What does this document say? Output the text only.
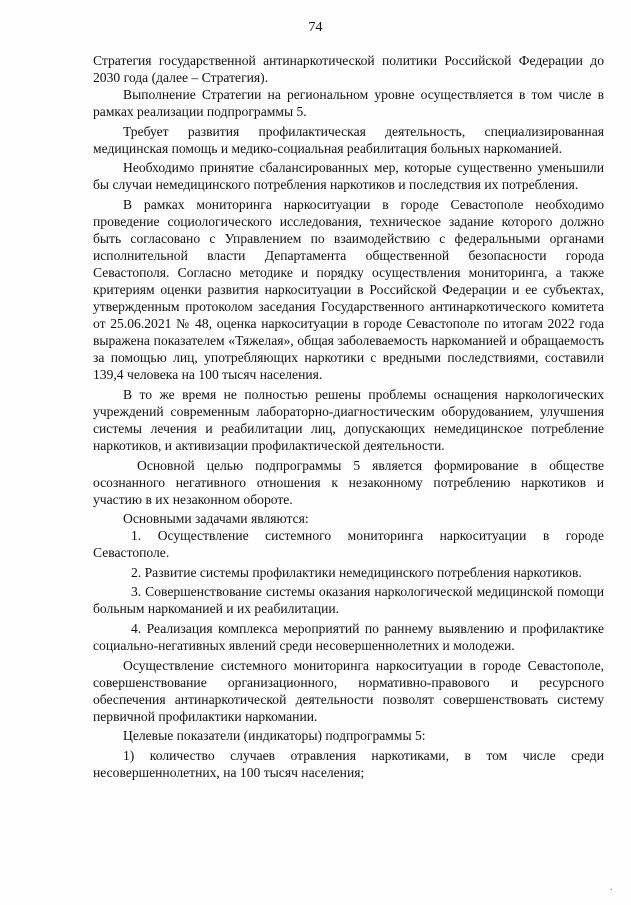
74

Стратегия государственной антинаркотической политики Российской Федерации до 2030 года (далее – Стратегия).

Выполнение Стратегии на региональном уровне осуществляется в том числе в рамках реализации подпрограммы 5.

Требует развития профилактическая деятельность, специализированная медицинская помощь и медико-социальная реабилитация больных наркоманией.

Необходимо принятие сбалансированных мер, которые существенно уменьшили бы случаи немедицинского потребления наркотиков и последствия их потребления.

В рамках мониторинга наркоситуации в городе Севастополе необходимо проведение социологического исследования, техническое задание которого должно быть согласовано с Управлением по взаимодействию с федеральными органами исполнительной власти Департамента общественной безопасности города Севастополя. Согласно методике и порядку осуществления мониторинга, а также критериям оценки развития наркоситуации в Российской Федерации и ее субъектах, утвержденным протоколом заседания Государственного антинаркотического комитета от 25.06.2021 № 48, оценка наркоситуации в городе Севастополе по итогам 2022 года выражена показателем «Тяжелая», общая заболеваемость наркоманией и обращаемость за помощью лиц, употребляющих наркотики с вредными последствиями, составили 139,4 человека на 100 тысяч населения.

В то же время не полностью решены проблемы оснащения наркологических учреждений современным лабораторно-диагностическим оборудованием, улучшения системы лечения и реабилитации лиц, допускающих немедицинское потребление наркотиков, и активизации профилактической деятельности.

Основной целью подпрограммы 5 является формирование в обществе осознанного негативного отношения к незаконному потреблению наркотиков и участию в их незаконном обороте.

Основными задачами являются:

1. Осуществление системного мониторинга наркоситуации в городе Севастополе.

2. Развитие системы профилактики немедицинского потребления наркотиков.

3. Совершенствование системы оказания наркологической медицинской помощи больным наркоманией и их реабилитации.

4. Реализация комплекса мероприятий по раннему выявлению и профилактике социально-негативных явлений среди несовершеннолетних и молодежи.

Осуществление системного мониторинга наркоситуации в городе Севастополе, совершенствование организационного, нормативно-правового и ресурсного обеспечения антинаркотической деятельности позволят совершенствовать систему первичной профилактики наркомании.

Целевые показатели (индикаторы) подпрограммы 5:

1) количество случаев отравления наркотиками, в том числе среди несовершеннолетних, на 100 тысяч населения;

.
